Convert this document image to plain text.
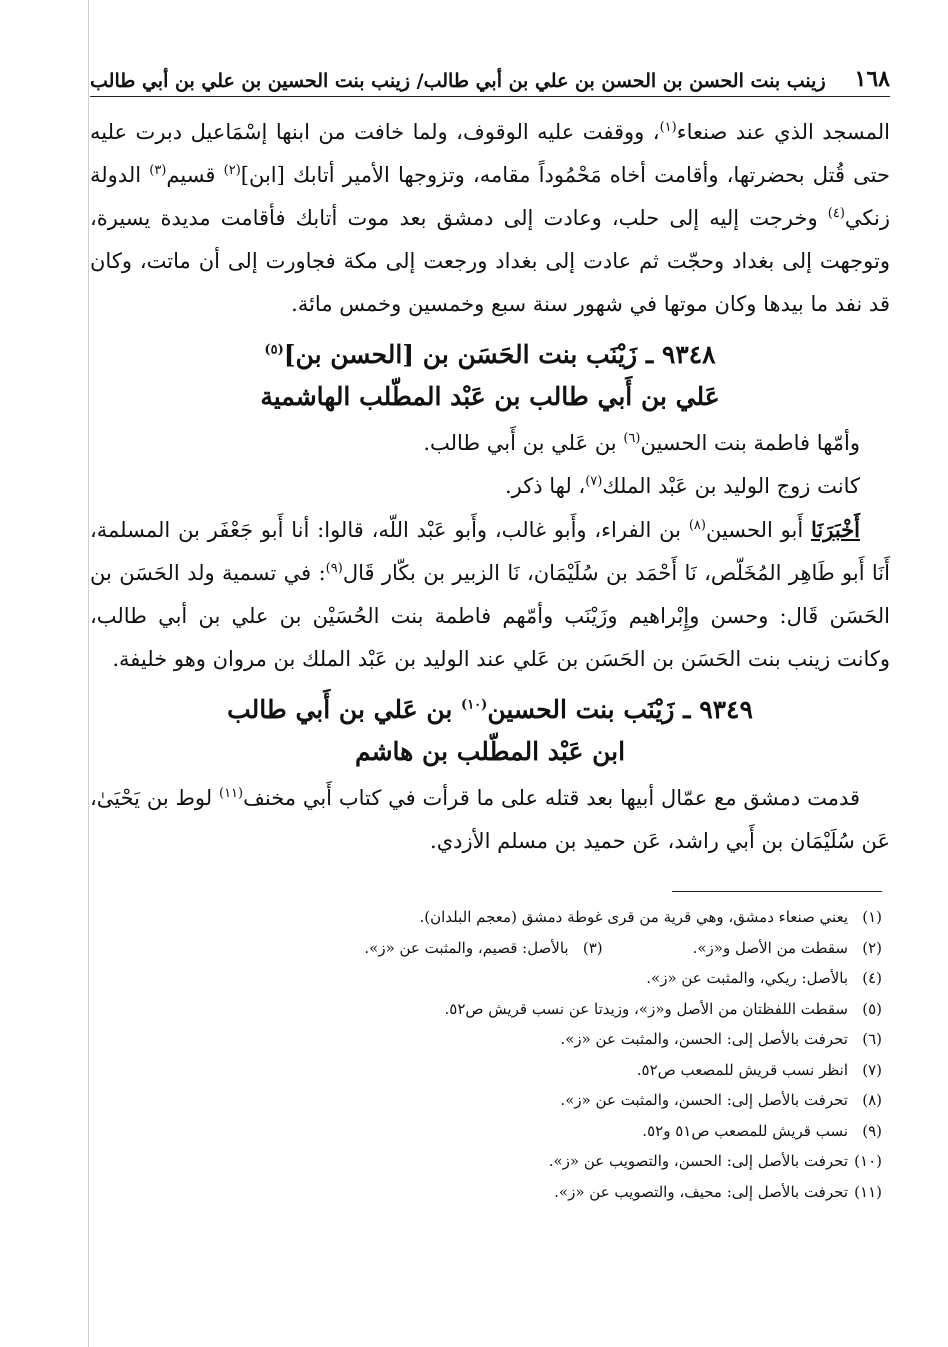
١٦٨
زينب بنت الحسن بن الحسن بن علي بن أبي طالب/ زينب بنت الحسين بن علي بن أبي طالب

المسجد الذي عند صنعاء$^{(١)}$، ووقفت عليه الوقوف، ولما خافت من ابنها إسْمَاعيل دبرت عليه حتى قُتل بحضرتها، وأقامت أخاه مَحْمُوداً مقامه، وتزوجها الأمير أتابك [ابن]$^{(٢)}$ قسيم$^{(٣)}$ الدولة زنكي$^{(٤)}$ وخرجت إليه إلى حلب، وعادت إلى دمشق بعد موت أتابك فأقامت مديدة يسيرة، وتوجهت إلى بغداد وحجّت ثم عادت إلى بغداد ورجعت إلى مكة فجاورت إلى أن ماتت، وكان قد نفد ما بيدها وكان موتها في شهور سنة سبع وخمسين وخمس مائة.

٩٣٤٨ ـ زَيْنَب بنت الحَسَن بن [الحسن بن]$^{(٥)}$
عَلي بن أَبي طالب بن عَبْد المطّلب الهاشمية

وأمّها فاطمة بنت الحسين$^{(٦)}$ بن عَلي بن أَبي طالب.

كانت زوج الوليد بن عَبْد الملك$^{(٧)}$، لها ذكر.

أَخْبَرَنَا أَبو الحسين$^{(٨)}$ بن الفراء، وأَبو غالب، وأَبو عَبْد اللّه، قالوا: أنا أَبو جَعْفَر بن المسلمة، أَنَا أَبو طَاهِر المُخَلّص، نَا أَحْمَد بن سُلَيْمَان، نَا الزبير بن بكّار قَال$^{(٩)}$: في تسمية ولد الحَسَن بن الحَسَن قَال: وحسن وإِبْراهيم وزَيْنَب وأمّهم فاطمة بنت الحُسَيْن بن علي بن أبي طالب، وكانت زينب بنت الحَسَن بن الحَسَن بن عَلي عند الوليد بن عَبْد الملك بن مروان وهو خليفة.

٩٣٤٩ ـ زَيْنَب بنت الحسين$^{(١٠)}$ بن عَلي بن أَبي طالب
ابن عَبْد المطّلب بن هاشم

قدمت دمشق مع عمّال أبيها بعد قتله على ما قرأت في كتاب أَبي مخنف$^{(١١)}$ لوط بن يَحْيَىٰ، عَن سُلَيْمَان بن أَبي راشد، عَن حميد بن مسلم الأزدي.

(١)يعني صنعاء دمشق، وهي قرية من قرى غوطة دمشق (معجم البلدان).

(٢)سقطت من الأصل و«ز».(٣)بالأصل: قصيم، والمثبت عن «ز».

(٤)بالأصل: ريكي، والمثبت عن «ز».

(٥)سقطت اللفظتان من الأصل و«ز»، وزيدتا عن نسب قريش ص٥٢.

(٦)تحرفت بالأصل إلى: الحسن، والمثبت عن «ز».

(٧)انظر نسب قريش للمصعب ص٥٢.

(٨)تحرفت بالأصل إلى: الحسن، والمثبت عن «ز».

(٩)نسب قريش للمصعب ص٥١ و٥٢.

(١٠)تحرفت بالأصل إلى: الحسن، والتصويب عن «ز».

(١١)تحرفت بالأصل إلى: محيف، والتصويب عن «ز».
